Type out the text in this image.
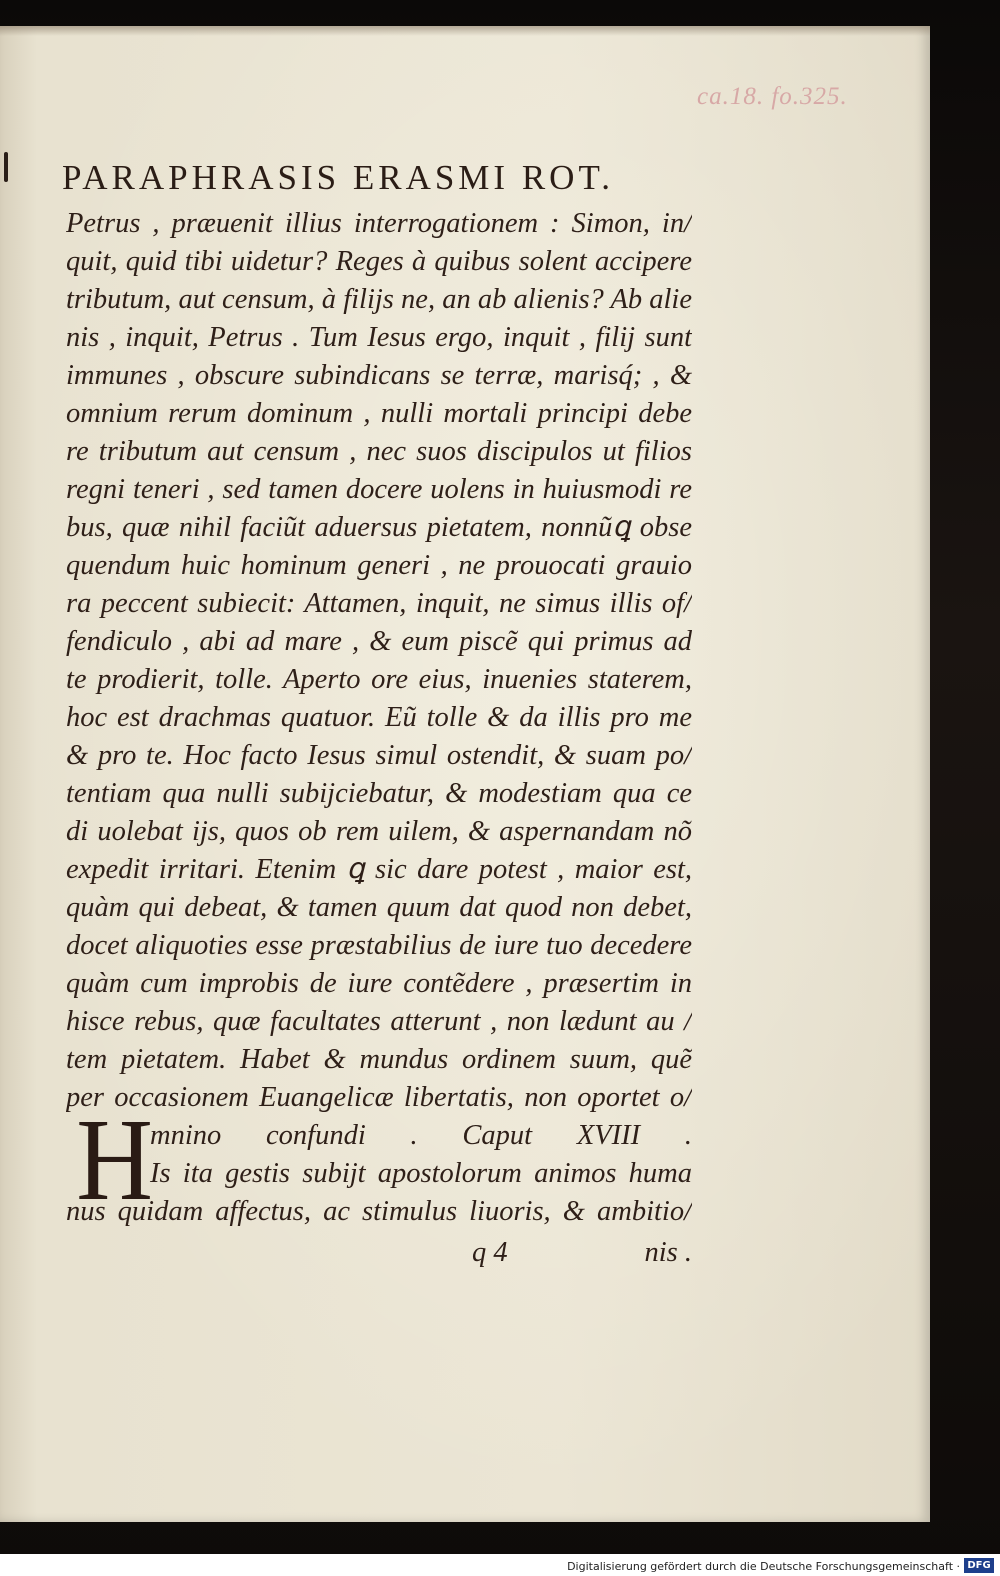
ca.18. fo.325.
PARAPHRASIS ERASMI ROT.
Petrus , præuenit illius interrogationem : Simon, in/
quit, quid tibi uidetur? Reges à quibus solent accipere
tributum, aut censum, à filijs ne, an ab alienis? Ab alie
nis , inquit, Petrus . Tum Iesus ergo, inquit , filij sunt
immunes , obscure subindicans se terræ, marisq́; , &
omnium rerum dominum , nulli mortali principi debe
re tributum aut censum , nec suos discipulos ut filios
regni teneri , sed tamen docere uolens in huiusmodi re
bus, quæ nihil faciũt aduersus pietatem, nonnũꝗ obse
quendum huic hominum generi , ne prouocati grauio
ra peccent subiecit: Attamen, inquit, ne simus illis of/
fendiculo , abi ad mare , & eum piscẽ qui primus ad
te prodierit, tolle. Aperto ore eius, inuenies staterem,
hoc est drachmas quatuor. Eũ tolle & da illis pro me
& pro te. Hoc facto Iesus simul ostendit, & suam po/
tentiam qua nulli subijciebatur, & modestiam qua ce
di uolebat ijs, quos ob rem uilem, & aspernandam nõ
expedit irritari. Etenim ꝗ sic dare potest , maior est,
quàm qui debeat, & tamen quum dat quod non debet,
docet aliquoties esse præstabilius de iure tuo decedere
quàm cum improbis de iure contẽdere , præsertim in
hisce rebus, quæ facultates atterunt , non lædunt au /
tem pietatem. Habet & mundus ordinem suum, quẽ
per occasionem Euangelicæ libertatis, non oportet o/
mnino confundi . Caput XVIII .
Is ita gestis subijt apostolorum animos huma
nus quidam affectus, ac stimulus liuoris, & ambitio/
H
q 4	nis .
Digitalisierung gefördert durch die Deutsche Forschungsgemeinschaft · DFG
